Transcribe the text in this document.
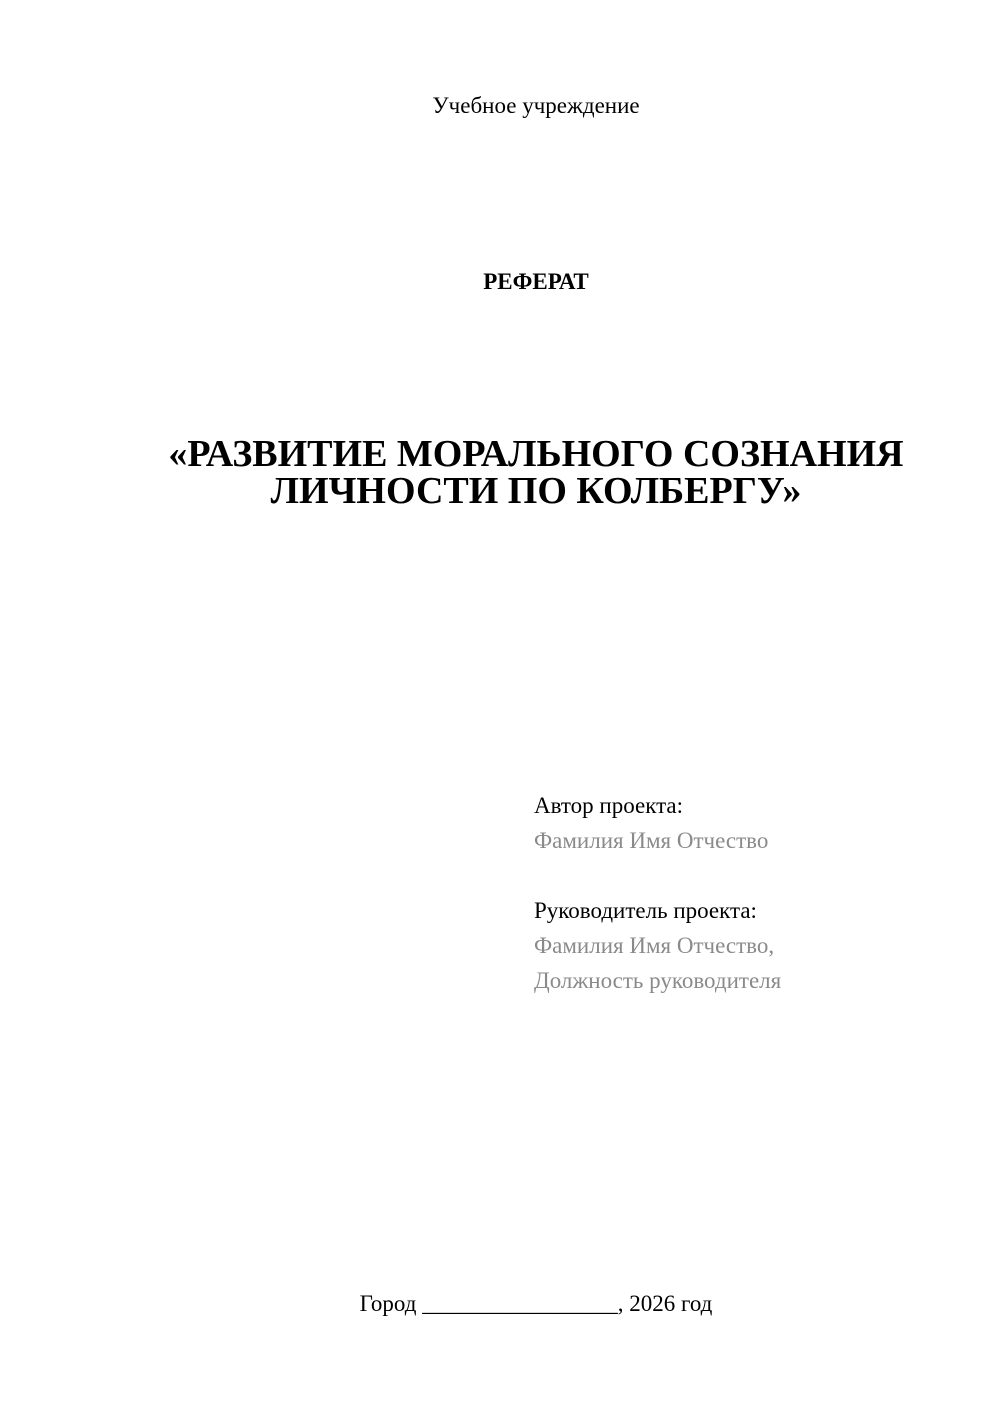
Учебное учреждение
РЕФЕРАТ
«РАЗВИТИЕ МОРАЛЬНОГО СОЗНАНИЯ
ЛИЧНОСТИ ПО КОЛБЕРГУ»
Автор проекта:
Фамилия Имя Отчество
Руководитель проекта:
Фамилия Имя Отчество,
Должность руководителя
Город _________________, 2026 год
